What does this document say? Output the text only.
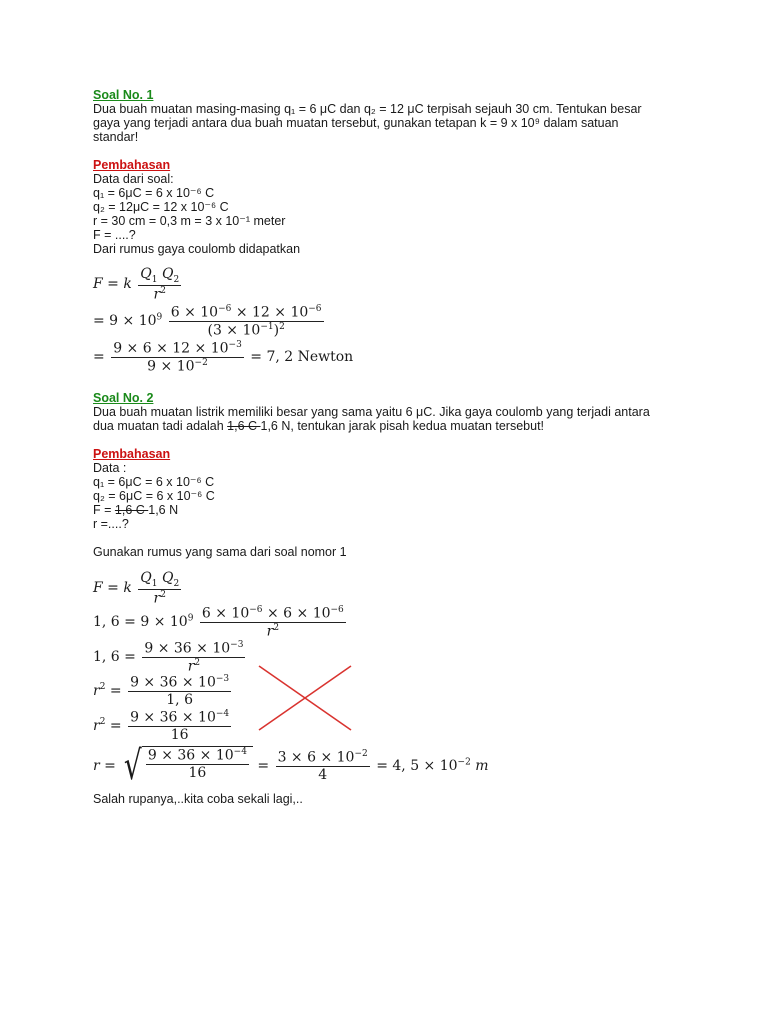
Soal No. 1
Dua buah muatan masing-masing q₁ = 6 μC dan q₂ = 12 μC terpisah sejauh 30 cm. Tentukan besar
gaya yang terjadi antara dua buah muatan tersebut, gunakan tetapan k = 9 x 10⁹ dalam satuan
standar!
Pembahasan
Data dari soal:
q₁ = 6μC = 6 x 10⁻⁶ C
q₂ = 12μC = 12 x 10⁻⁶ C
r = 30 cm = 0,3 m = 3 x 10⁻¹ meter
F = ....?
Dari rumus gaya coulomb didapatkan
F = k $\frac{Q_1 Q_2}{r^2}$
= $9 \times 10^9 \frac{6 \times 10^{-6} \times 12 \times 10^{-6}}{(3 \times 10^{-1})^2}$
= $\frac{9 \times 6 \times 12 \times 10^{-3}}{9 \times 10^{-2}} = 7$, 2 Newton
Soal No. 2
Dua buah muatan listrik memiliki besar yang sama yaitu 6 μC. Jika gaya coulomb yang terjadi antara
dua muatan tadi adalah 1,6 C 1,6 N, tentukan jarak pisah kedua muatan tersebut!
Pembahasan
Data :
q₁ = 6μC = 6 x 10⁻⁶ C
q₂ = 6μC = 6 x 10⁻⁶ C
F = 1,6 C 1,6 N
r =....?
Gunakan rumus yang sama dari soal nomor 1
F = k $\frac{Q_1 Q_2}{r^2}$
1, $6 = 9 \times 10^9 \frac{6 \times 10^{-6} \times 6 \times 10^{-6}}{r^2}$
1, $6 = \frac{9 \times 36 \times 10^{-3}}{r^2}$
$r^2 = \frac{9 \times 36 \times 10^{-3}}{1, 6}$
$r^2 = \frac{9 \times 36 \times 10^{-4}}{16}$
r = √ $\frac{9 \times 36 \times 10^{-4}}{16} = \frac{3 \times 6 \times 10^{-2}}{4} = 4$, $5 \times 10^{-2}$ m
Salah rupanya,..kita coba sekali lagi,..
